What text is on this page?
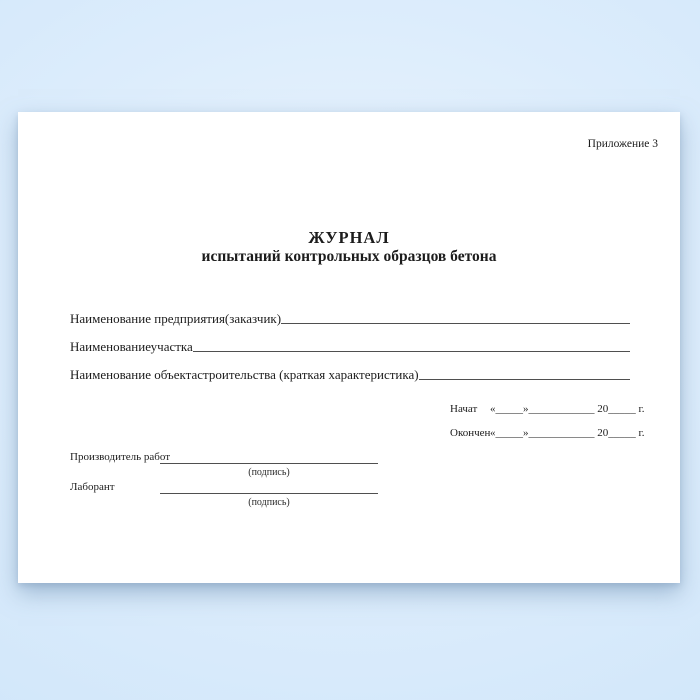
Приложение 3
ЖУРНАЛ
испытаний контрольных образцов бетона
Наименование предприятия(заказчик)
Наименованиеучастка
Наименование объектастроительства (краткая характеристика)
Начат	«_____»____________ 20_____ г.
Окончен «_____»____________ 20_____ г.
Производитель работ
(подпись)
Лаборант
(подпись)
